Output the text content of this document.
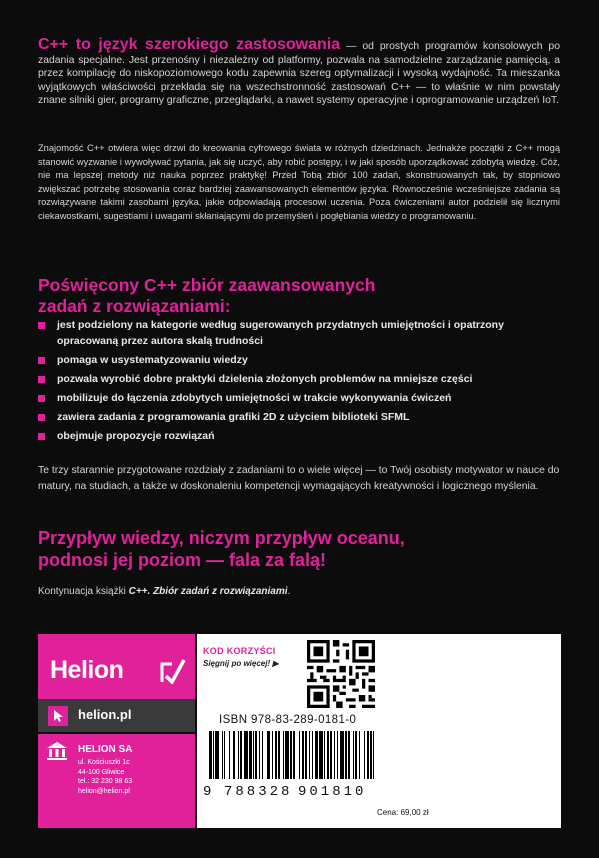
C++ to język szerokiego zastosowania — od prostych programów konsolowych po zadania specjalne. Jest przenośny i niezależny od platformy, pozwala na samodzielne zarządzanie pamięcią, a przez kompilację do niskopoziomowego kodu zapewnia szereg optymalizacji i wysoką wydajność. Ta mieszanka wyjątkowych właściwości przekłada się na wszechstronność zastosowań C++ — to właśnie w nim powstały znane silniki gier, programy graficzne, przeglądarki, a nawet systemy operacyjne i oprogramowanie urządzeń IoT.

Znajomość C++ otwiera więc drzwi do kreowania cyfrowego świata w różnych dziedzinach. Jednakże początki z C++ mogą stanowić wyzwanie i wywoływać pytania, jak się uczyć, aby robić postępy, i w jaki sposób uporządkować zdobytą wiedzę. Cóż, nie ma lepszej metody niż nauka poprzez praktykę! Przed Tobą zbiór 100 zadań, skonstruowanych tak, by stopniowo zwiększać potrzebę stosowania coraz bardziej zaawansowanych elementów języka. Równocześnie wcześniejsze zadania są rozwiązywane takimi zasobami języka, jakie odpowiadają procesowi uczenia. Poza ćwiczeniami autor podzielił się licznymi ciekawostkami, sugestiami i uwagami skłaniającymi do przemyśleń i pogłębiania wiedzy o programowaniu.

Poświęcony C++ zbiór zaawansowanych
zadań z rozwiązaniami:
jest podzielony na kategorie według sugerowanych przydatnych umiejętności i opatrzony opracowaną przez autora skalą trudności
pomaga w usystematyzowaniu wiedzy
pozwala wyrobić dobre praktyki dzielenia złożonych problemów na mniejsze części
mobilizuje do łączenia zdobytych umiejętności w trakcie wykonywania ćwiczeń
zawiera zadania z programowania grafiki 2D z użyciem biblioteki SFML
obejmuje propozycje rozwiązań

Te trzy starannie przygotowane rozdziały z zadaniami to o wiele więcej — to Twój osobisty motywator w nauce do matury, na studiach, a także w doskonaleniu kompetencji wymagających kreatywności i logicznego myślenia.

Przypływ wiedzy, niczym przypływ oceanu,
podnosi jej poziom — fala za falą!

Kontynuacja książki C++. Zbiór zadań z rozwiązaniami.

Helion
helion.pl
HELION SA
ul. Kościuszki 1c
44-100 Gliwice
tel.: 32 230 98 63
helion@helion.pl
KOD KORZYŚCI
Sięgnij po więcej! ▶
ISBN 978-83-289-0181-0
9 788328 901810
Cena: 69,00 zł
